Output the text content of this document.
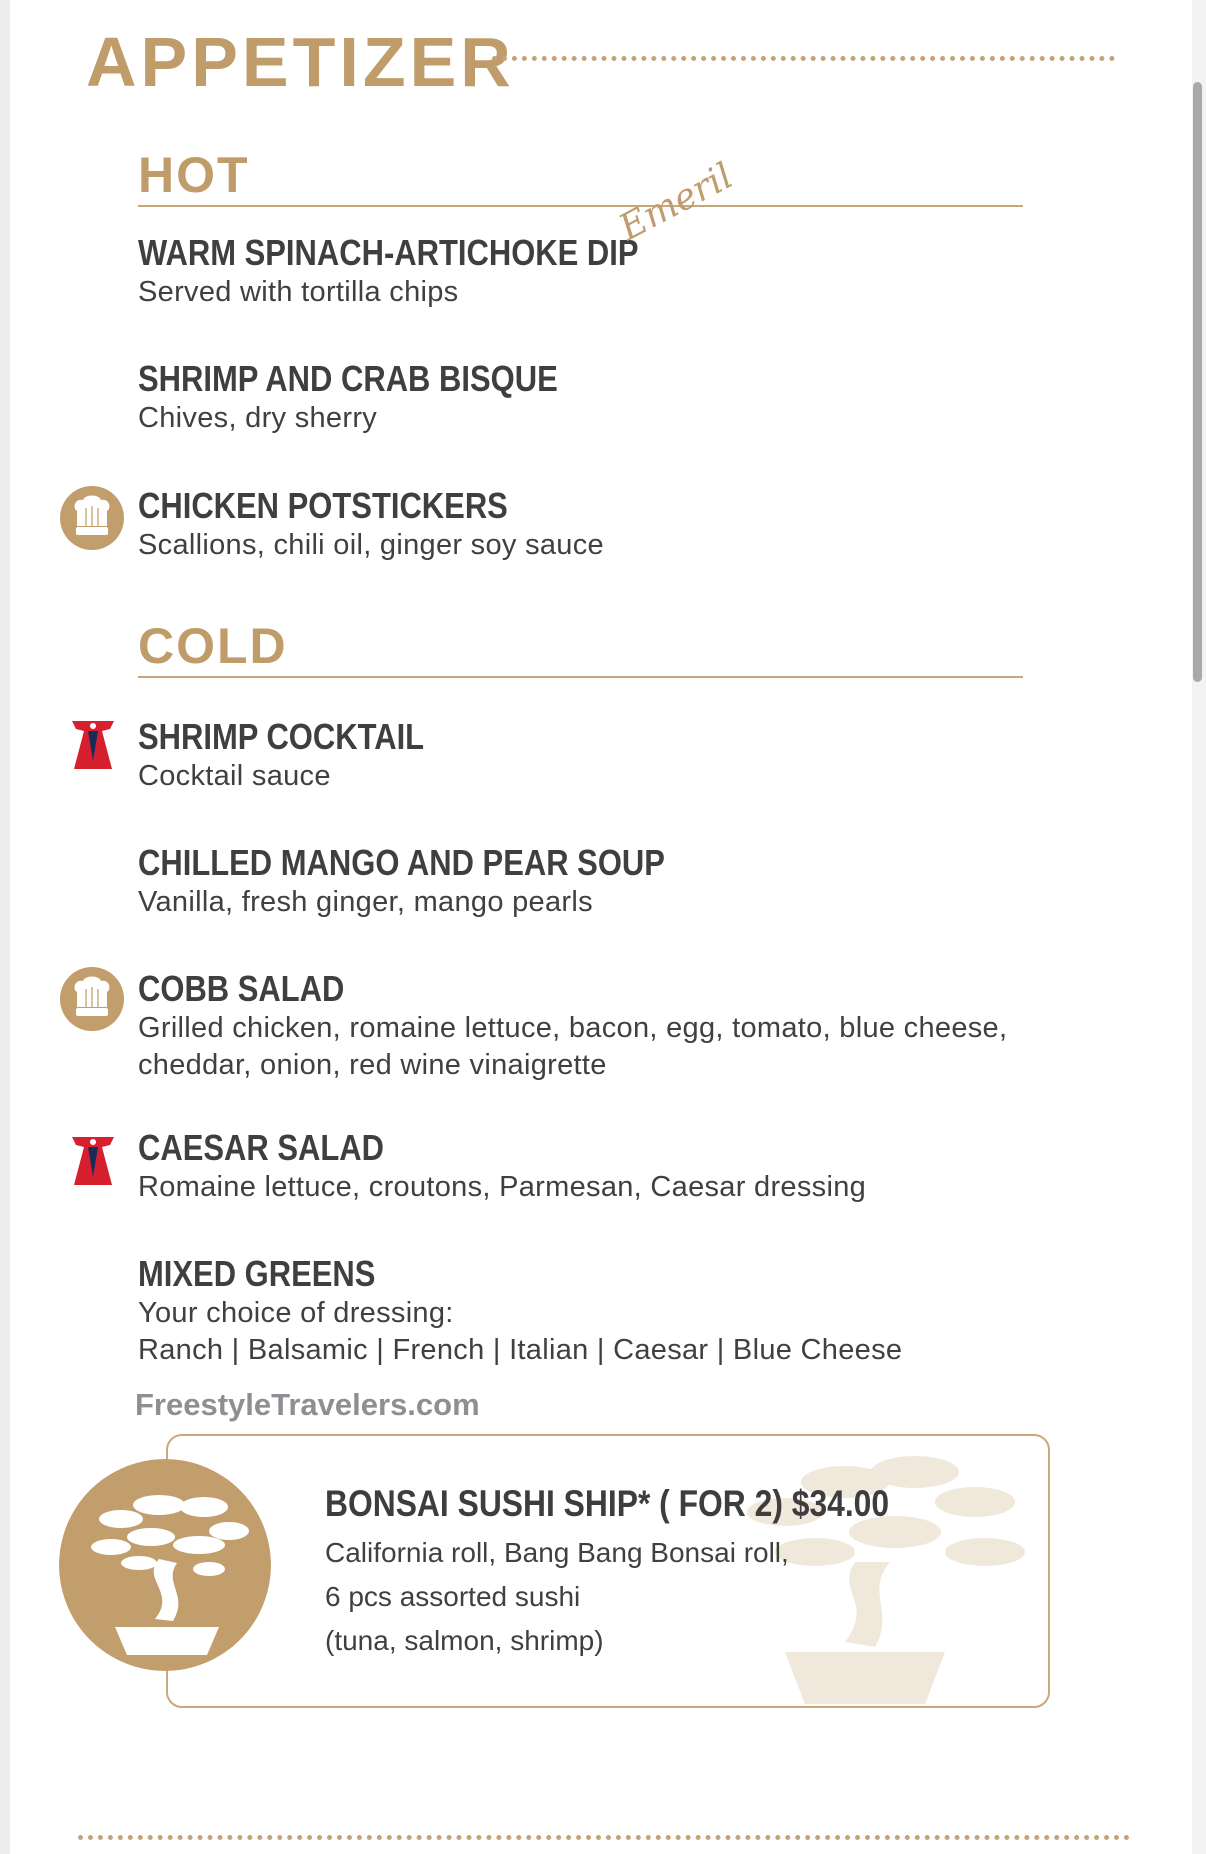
APPETIZER
HOT
WARM SPINACH-ARTICHOKE DIP
Served with tortilla chips
Emeril
SHRIMP AND CRAB BISQUE
Chives, dry sherry
CHICKEN POTSTICKERS
Scallions, chili oil, ginger soy sauce
COLD
SHRIMP COCKTAIL
Cocktail sauce
CHILLED MANGO AND PEAR SOUP
Vanilla, fresh ginger, mango pearls
COBB SALAD
Grilled chicken, romaine lettuce, bacon, egg, tomato, blue cheese,
cheddar, onion, red wine vinaigrette
CAESAR SALAD
Romaine lettuce, croutons, Parmesan, Caesar dressing
MIXED GREENS
Your choice of dressing:
Ranch | Balsamic | French | Italian | Caesar | Blue Cheese
FreestyleTravelers.com
BONSAI SUSHI SHIP* ( FOR 2) $34.00
California roll, Bang Bang Bonsai roll,
6 pcs assorted sushi
(tuna, salmon, shrimp)
